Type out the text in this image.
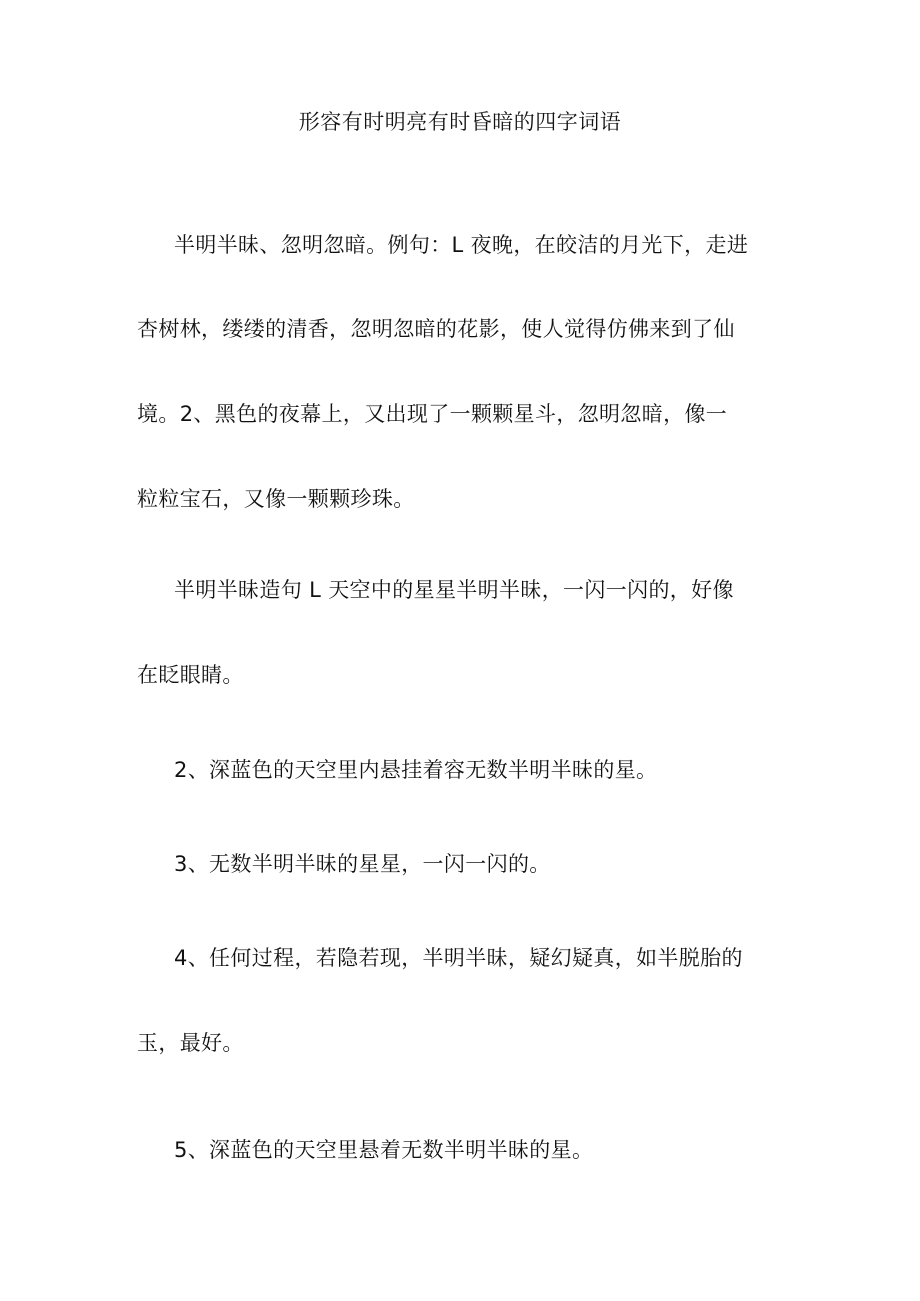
形容有时明亮有时昏暗的四字词语
半明半昧、忽明忽暗。例句：L 夜晚，在皎洁的月光下，走进
杏树林，缕缕的清香，忽明忽暗的花影，使人觉得仿佛来到了仙
境。2、黑色的夜幕上，又出现了一颗颗星斗，忽明忽暗，像一
粒粒宝石，又像一颗颗珍珠。
半明半昧造句 L 天空中的星星半明半昧，一闪一闪的，好像
在眨眼睛。
2、深蓝色的天空里内悬挂着容无数半明半昧的星。
3、无数半明半昧的星星，一闪一闪的。
4、任何过程，若隐若现，半明半昧，疑幻疑真，如半脱胎的
玉，最好。
5、深蓝色的天空里悬着无数半明半昧的星。
